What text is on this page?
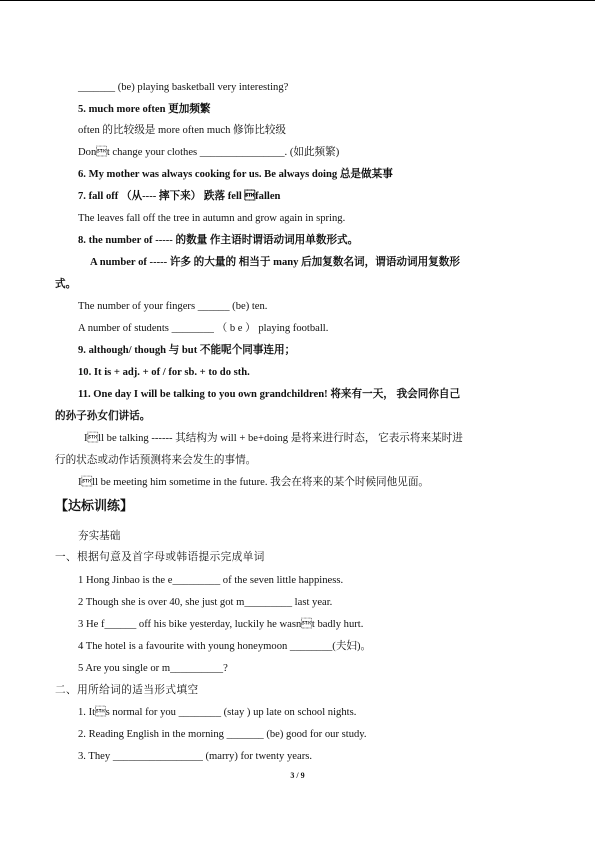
_______ (be) playing basketball very interesting?
5. much more often 更加频繁
often 的比较级是 more often much 修饰比较级
Dont change your clothes ________________. (如此频繁)
6. My mother was always cooking for us. Be always doing 总是做某事
7. fall off （从---- 摔下来） 跌落 fell fallen
The leaves fall off the tree in autumn and grow again in spring.
8. the number of ----- 的数量 作主语时谓语动词用单数形式。
A number of ----- 许多 的大量的 相当于 many 后加复数名词，谓语动词用复数形
式。
The number of your fingers ______ (be) ten.
A number of students ________ （ b e ） playing football.
9. although/ though 与 but 不能呢个同事连用；
10. It is + adj. + of / for sb. + to do sth.
11. One day I will be talking to you own grandchildren! 将来有一天， 我会同你自己
的孙子孙女们讲话。
Ill be talking ------ 其结构为 will + be+doing 是将来进行时态， 它表示将来某时进
行的状态或动作话预测将来会发生的事情。
Ill be meeting him sometime in the future. 我会在将来的某个时候同他见面。
【达标训练】
夯实基础
一、根据句意及首字母或韩语提示完成单词
1 Hong Jinbao is the e_________ of the seven little happiness.
2 Though she is over 40, she just got m_________ last year.
3 He f______ off his bike yesterday, luckily he wasnt badly hurt.
4 The hotel is a favourite with young honeymoon ________(夫妇)。
5 Are you single or m__________?
二、用所给词的适当形式填空
1. Its normal for you ________ (stay ) up late on school nights.
2. Reading English in the morning _______ (be) good for our study.
3. They _________________ (marry) for twenty years.
3 / 9
